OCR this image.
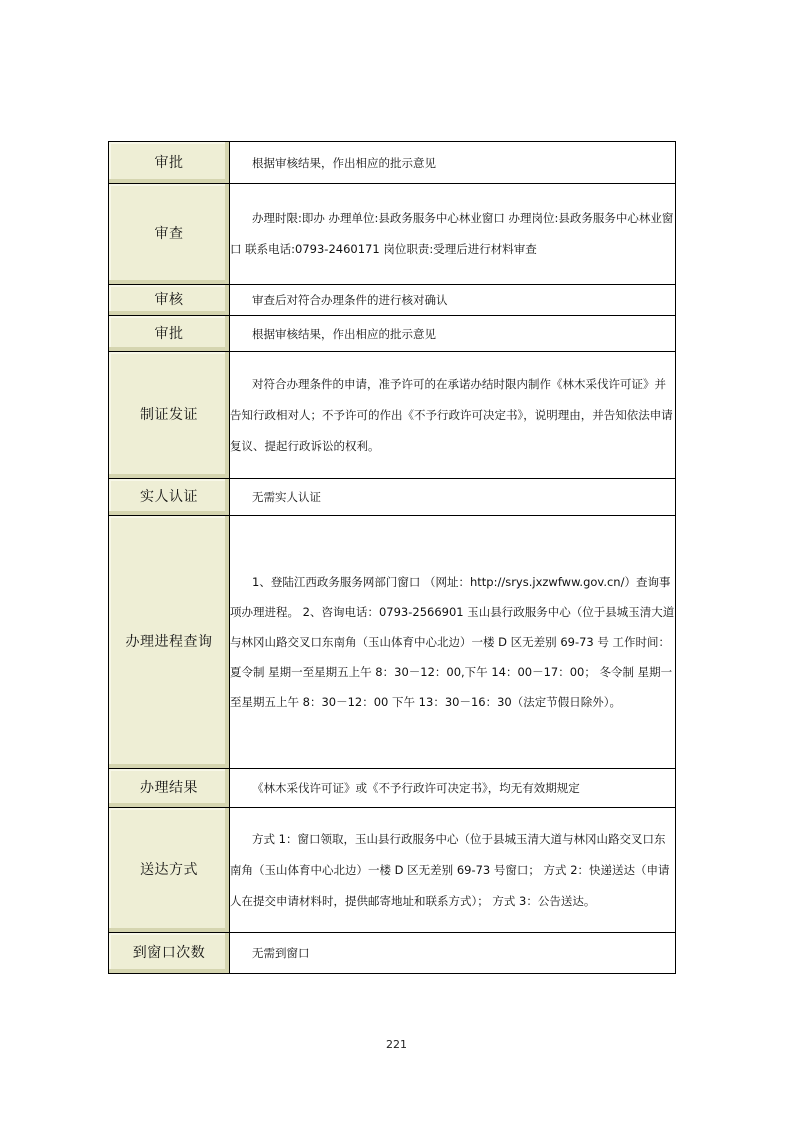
审批	根据审核结果，作出相应的批示意见

审查	办理时限:即办 办理单位:县政务服务中心林业窗口 办理岗位:县政务服务中心林业窗口 联系电话:0793-2460171 岗位职责:受理后进行材料审查

审核	审查后对符合办理条件的进行核对确认

审批	根据审核结果，作出相应的批示意见

制证发证	对符合办理条件的申请，准予许可的在承诺办结时限内制作《林木采伐许可证》并告知行政相对人；不予许可的作出《不予行政许可决定书》，说明理由，并告知依法申请复议、提起行政诉讼的权利。

实人认证	无需实人认证

办理进程查询	1、登陆江西政务服务网部门窗口 （网址：http://srys.jxzwfww.gov.cn/）查询事项办理进程。 2、咨询电话：0793-2566901 玉山县行政服务中心（位于县城玉清大道与林冈山路交叉口东南角（玉山体育中心北边）一楼 D 区无差别 69-73 号 工作时间： 夏令制 星期一至星期五上午 8：30－12：00,下午 14：00－17：00； 冬令制 星期一至星期五上午 8：30－12：00 下午 13：30－16：30（法定节假日除外）。

办理结果	《林木采伐许可证》或《不予行政许可决定书》，均无有效期规定

送达方式	方式 1：窗口领取，玉山县行政服务中心（位于县城玉清大道与林冈山路交叉口东南角（玉山体育中心北边）一楼 D 区无差别 69-73 号窗口； 方式 2：快递送达（申请人在提交申请材料时，提供邮寄地址和联系方式）； 方式 3：公告送达。

到窗口次数	无需到窗口
221
